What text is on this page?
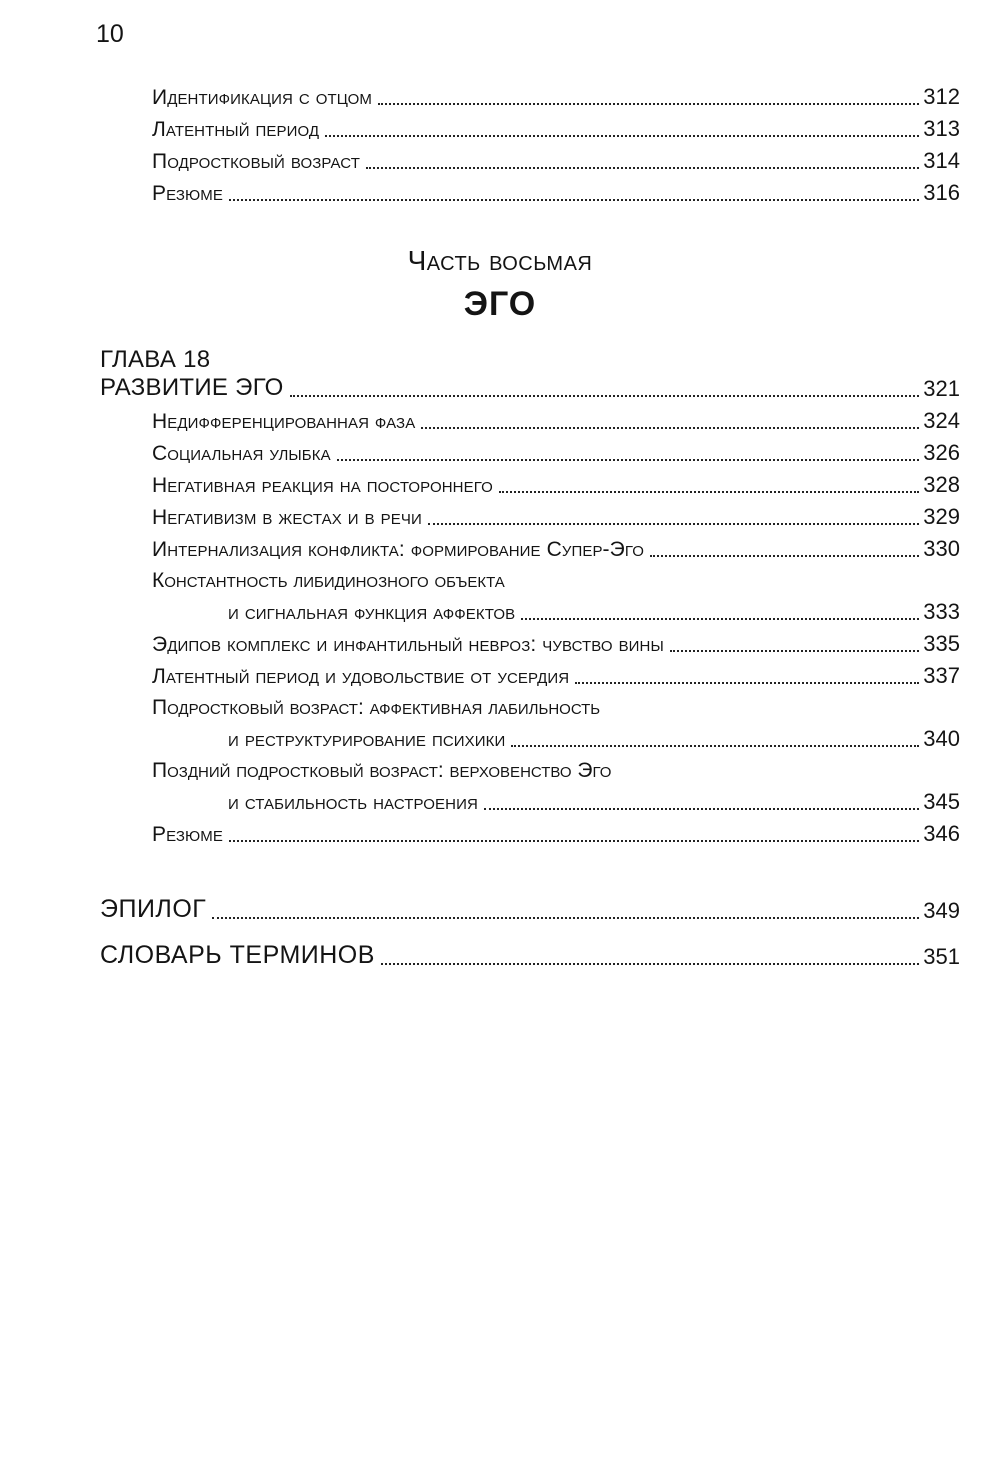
10
Идентификация с отцом	312
Латентный период	313
Подростковый возраст	314
Резюме	316
Часть восьмая
ЭГО
ГЛАВА 18
РАЗВИТИЕ ЭГО	321
Недифференцированная фаза	324
Социальная улыбка	326
Негативная реакция на постороннего	328
Негативизм в жестах и в речи	329
Интернализация конфликта: формирование Супер-Эго	330
Константность либидинозного объекта
и сигнальная функция аффектов	333
Эдипов комплекс и инфантильный невроз: чувство вины	335
Латентный период и удовольствие от усердия	337
Подростковый возраст: аффективная лабильность
и реструктурирование психики	340
Поздний подростковый возраст: верховенство Эго
и стабильность настроения	345
Резюме	346
ЭПИЛОГ	349
СЛОВАРЬ ТЕРМИНОВ	351
